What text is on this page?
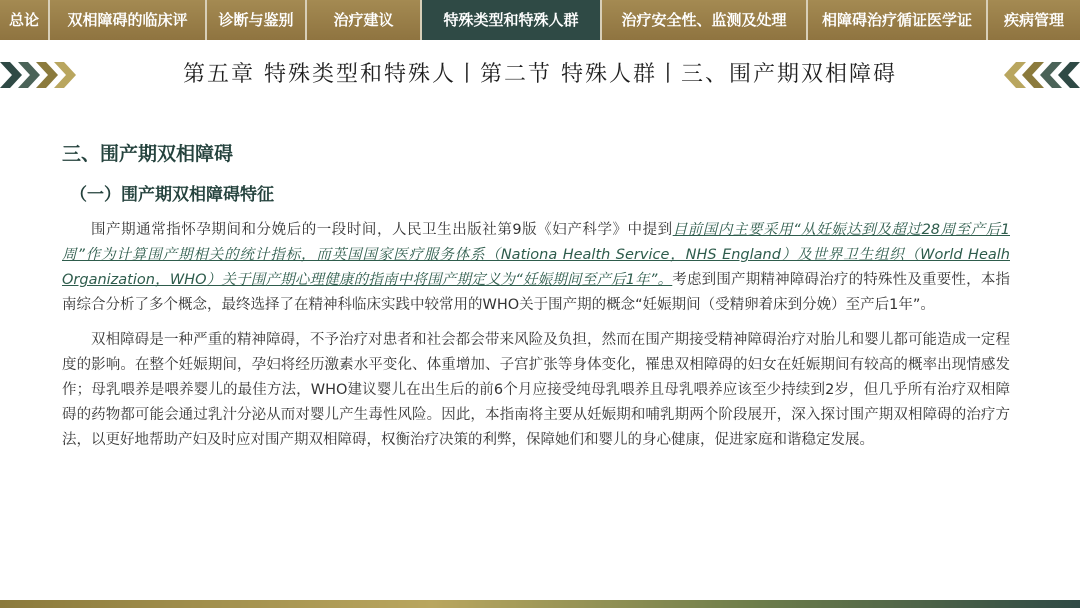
总论	双相障碍的临床评	诊断与鉴别	治疗建议	特殊类型和特殊人群	治疗安全性、监测及处理	相障碍治疗循证医学证	疾病管理
第五章 特殊类型和特殊人丨第二节 特殊人群丨三、围产期双相障碍
三、围产期双相障碍
（一）围产期双相障碍特征

围产期通常指怀孕期间和分娩后的一段时间，人民卫生出版社第9版《妇产科学》中提到目前国内主要采用“从妊娠达到及超过28周至产后1周”作为计算围产期相关的统计指标，而英国国家医疗服务体系（Nationa Health Service，NHS England）及世界卫生组织（World Healh Organization，WHO）关于围产期心理健康的指南中将围产期定义为“妊娠期间至产后1年”。考虑到围产期精神障碍治疗的特殊性及重要性，本指南综合分析了多个概念，最终选择了在精神科临床实践中较常用的WHO关于围产期的概念“妊娠期间（受精卵着床到分娩）至产后1年”。

双相障碍是一种严重的精神障碍，不予治疗对患者和社会都会带来风险及负担，然而在围产期接受精神障碍治疗对胎儿和婴儿都可能造成一定程度的影响。在整个妊娠期间，孕妇将经历激素水平变化、体重增加、子宫扩张等身体变化，罹患双相障碍的妇女在妊娠期间有较高的概率出现情感发作；母乳喂养是喂养婴儿的最佳方法，WHO建议婴儿在出生后的前6个月应接受纯母乳喂养且母乳喂养应该至少持续到2岁，但几乎所有治疗双相障碍的药物都可能会通过乳汁分泌从而对婴儿产生毒性风险。因此，本指南将主要从妊娠期和哺乳期两个阶段展开，深入探讨围产期双相障碍的治疗方法，以更好地帮助产妇及时应对围产期双相障碍，权衡治疗决策的利弊，保障她们和婴儿的身心健康，促进家庭和谐稳定发展。
